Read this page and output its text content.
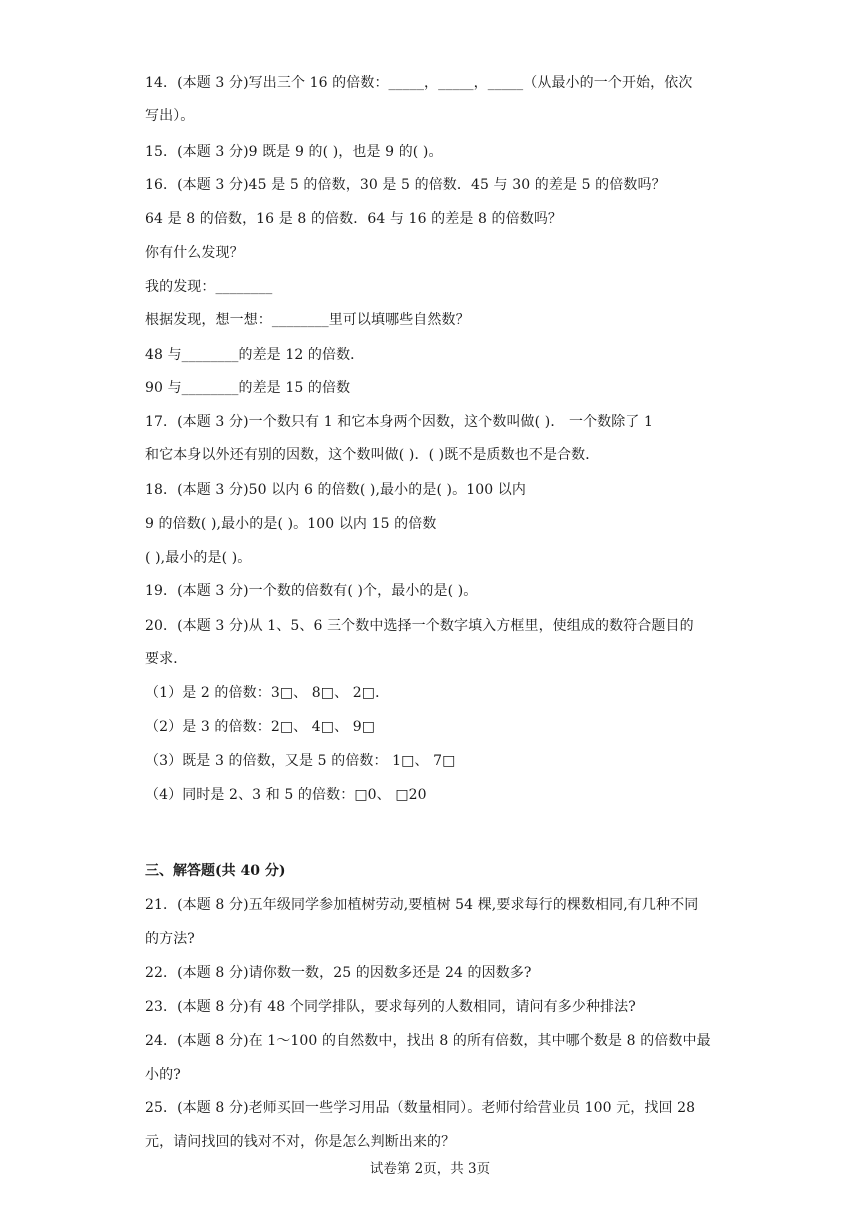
14．(本题 3 分)写出三个 16 的倍数：_____，_____，_____（从最小的一个开始，依次
写出）。
15．(本题 3 分)9 既是 9 的( )，也是 9 的( )。
16．(本题 3 分)45 是 5 的倍数，30 是 5 的倍数．45 与 30 的差是 5 的倍数吗？
64 是 8 的倍数，16 是 8 的倍数．64 与 16 的差是 8 的倍数吗？
你有什么发现？
我的发现：________
根据发现，想一想：________里可以填哪些自然数？
48 与________的差是 12 的倍数．
90 与________的差是 15 的倍数
17．(本题 3 分)一个数只有 1 和它本身两个因数，这个数叫做( )． 一个数除了 1
和它本身以外还有别的因数，这个数叫做( )．( )既不是质数也不是合数．
18．(本题 3 分)50 以内 6 的倍数( ),最小的是( )。100 以内
9 的倍数( ),最小的是( )。100 以内 15 的倍数
( ),最小的是( )。
19．(本题 3 分)一个数的倍数有( )个，最小的是( )。
20．(本题 3 分)从 1、5、6 三个数中选择一个数字填入方框里，使组成的数符合题目的
要求．
（1）是 2 的倍数：3□、 8□、 2□．
（2）是 3 的倍数：2□、 4□、 9□
（3）既是 3 的倍数，又是 5 的倍数： 1□、 7□
（4）同时是 2、3 和 5 的倍数：□0、 □20
三、解答题(共 40 分)
21．(本题 8 分)五年级同学参加植树劳动,要植树 54 棵,要求每行的棵数相同,有几种不同
的方法?
22．(本题 8 分)请你数一数，25 的因数多还是 24 的因数多?
23．(本题 8 分)有 48 个同学排队，要求每列的人数相同，请问有多少种排法?
24．(本题 8 分)在 1～100 的自然数中，找出 8 的所有倍数，其中哪个数是 8 的倍数中最
小的?
25．(本题 8 分)老师买回一些学习用品（数量相同）。老师付给营业员 100 元，找回 28
元，请问找回的钱对不对，你是怎么判断出来的？
试卷第 2页，共 3页
